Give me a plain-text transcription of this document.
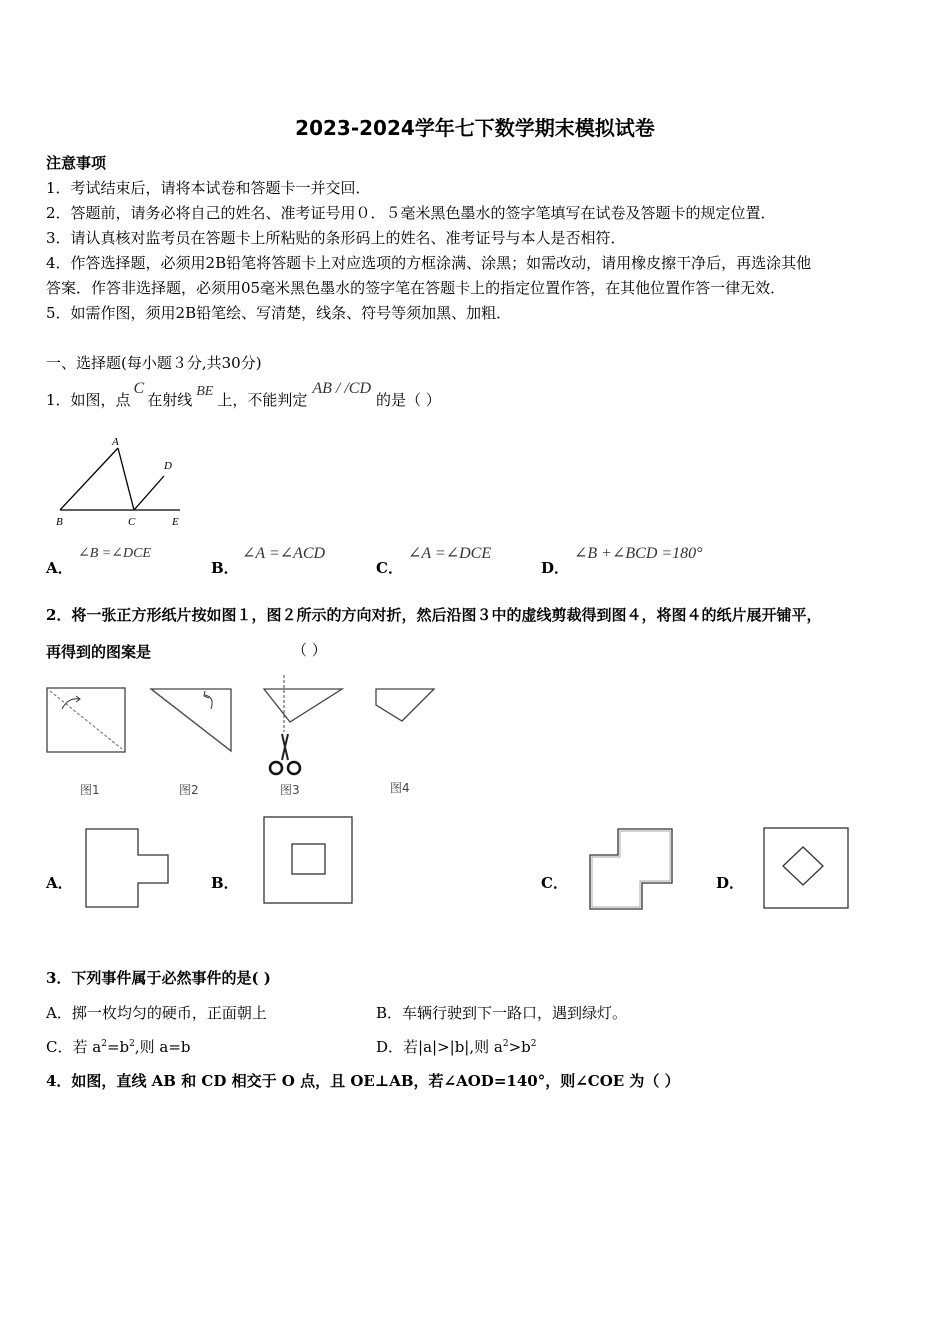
2023-2024学年七下数学期末模拟试卷
注意事项
1．考试结束后，请将本试卷和答题卡一并交回．
2．答题前，请务必将自己的姓名、准考证号用０．５毫米黑色墨水的签字笔填写在试卷及答题卡的规定位置．
3．请认真核对监考员在答题卡上所粘贴的条形码上的姓名、准考证号与本人是否相符．
4．作答选择题，必须用2B铅笔将答题卡上对应选项的方框涂满、涂黑；如需改动，请用橡皮擦干净后，再选涂其他
答案．作答非选择题，必须用05毫米黑色墨水的签字笔在答题卡上的指定位置作答，在其他位置作答一律无效．
5．如需作图，须用2B铅笔绘、写清楚，线条、符号等须加黑、加粗．
一、选择题(每小题３分,共30分)
1．如图，点C在射线 BE 上，不能判定AB / /CD的是（ ）
A
B	C
D
E
A．
∠B =∠DCE
B．
∠A =∠ACD
C．
∠A =∠DCE
D．
∠B +∠BCD =180°
2．将一张正方形纸片按如图１，图２所示的方向对折，然后沿图３中的虚线剪裁得到图４，将图４的纸片展开铺平，
再得到的图案是	（ ）
图1	图2	图3	图4
A．	B．	C．	D．
3．下列事件属于必然事件的是( )
A．掷一枚均匀的硬币，正面朝上	B．车辆行驶到下一路口，遇到绿灯。
C．若 $a^2=b^2$,则 a=b	D．若|a|>|b|,则 $a^2>b^2$
4．如图，直线 AB 和 CD 相交于 O 点，且 OE⊥AB，若∠AOD=140°，则∠COE 为（ ）
